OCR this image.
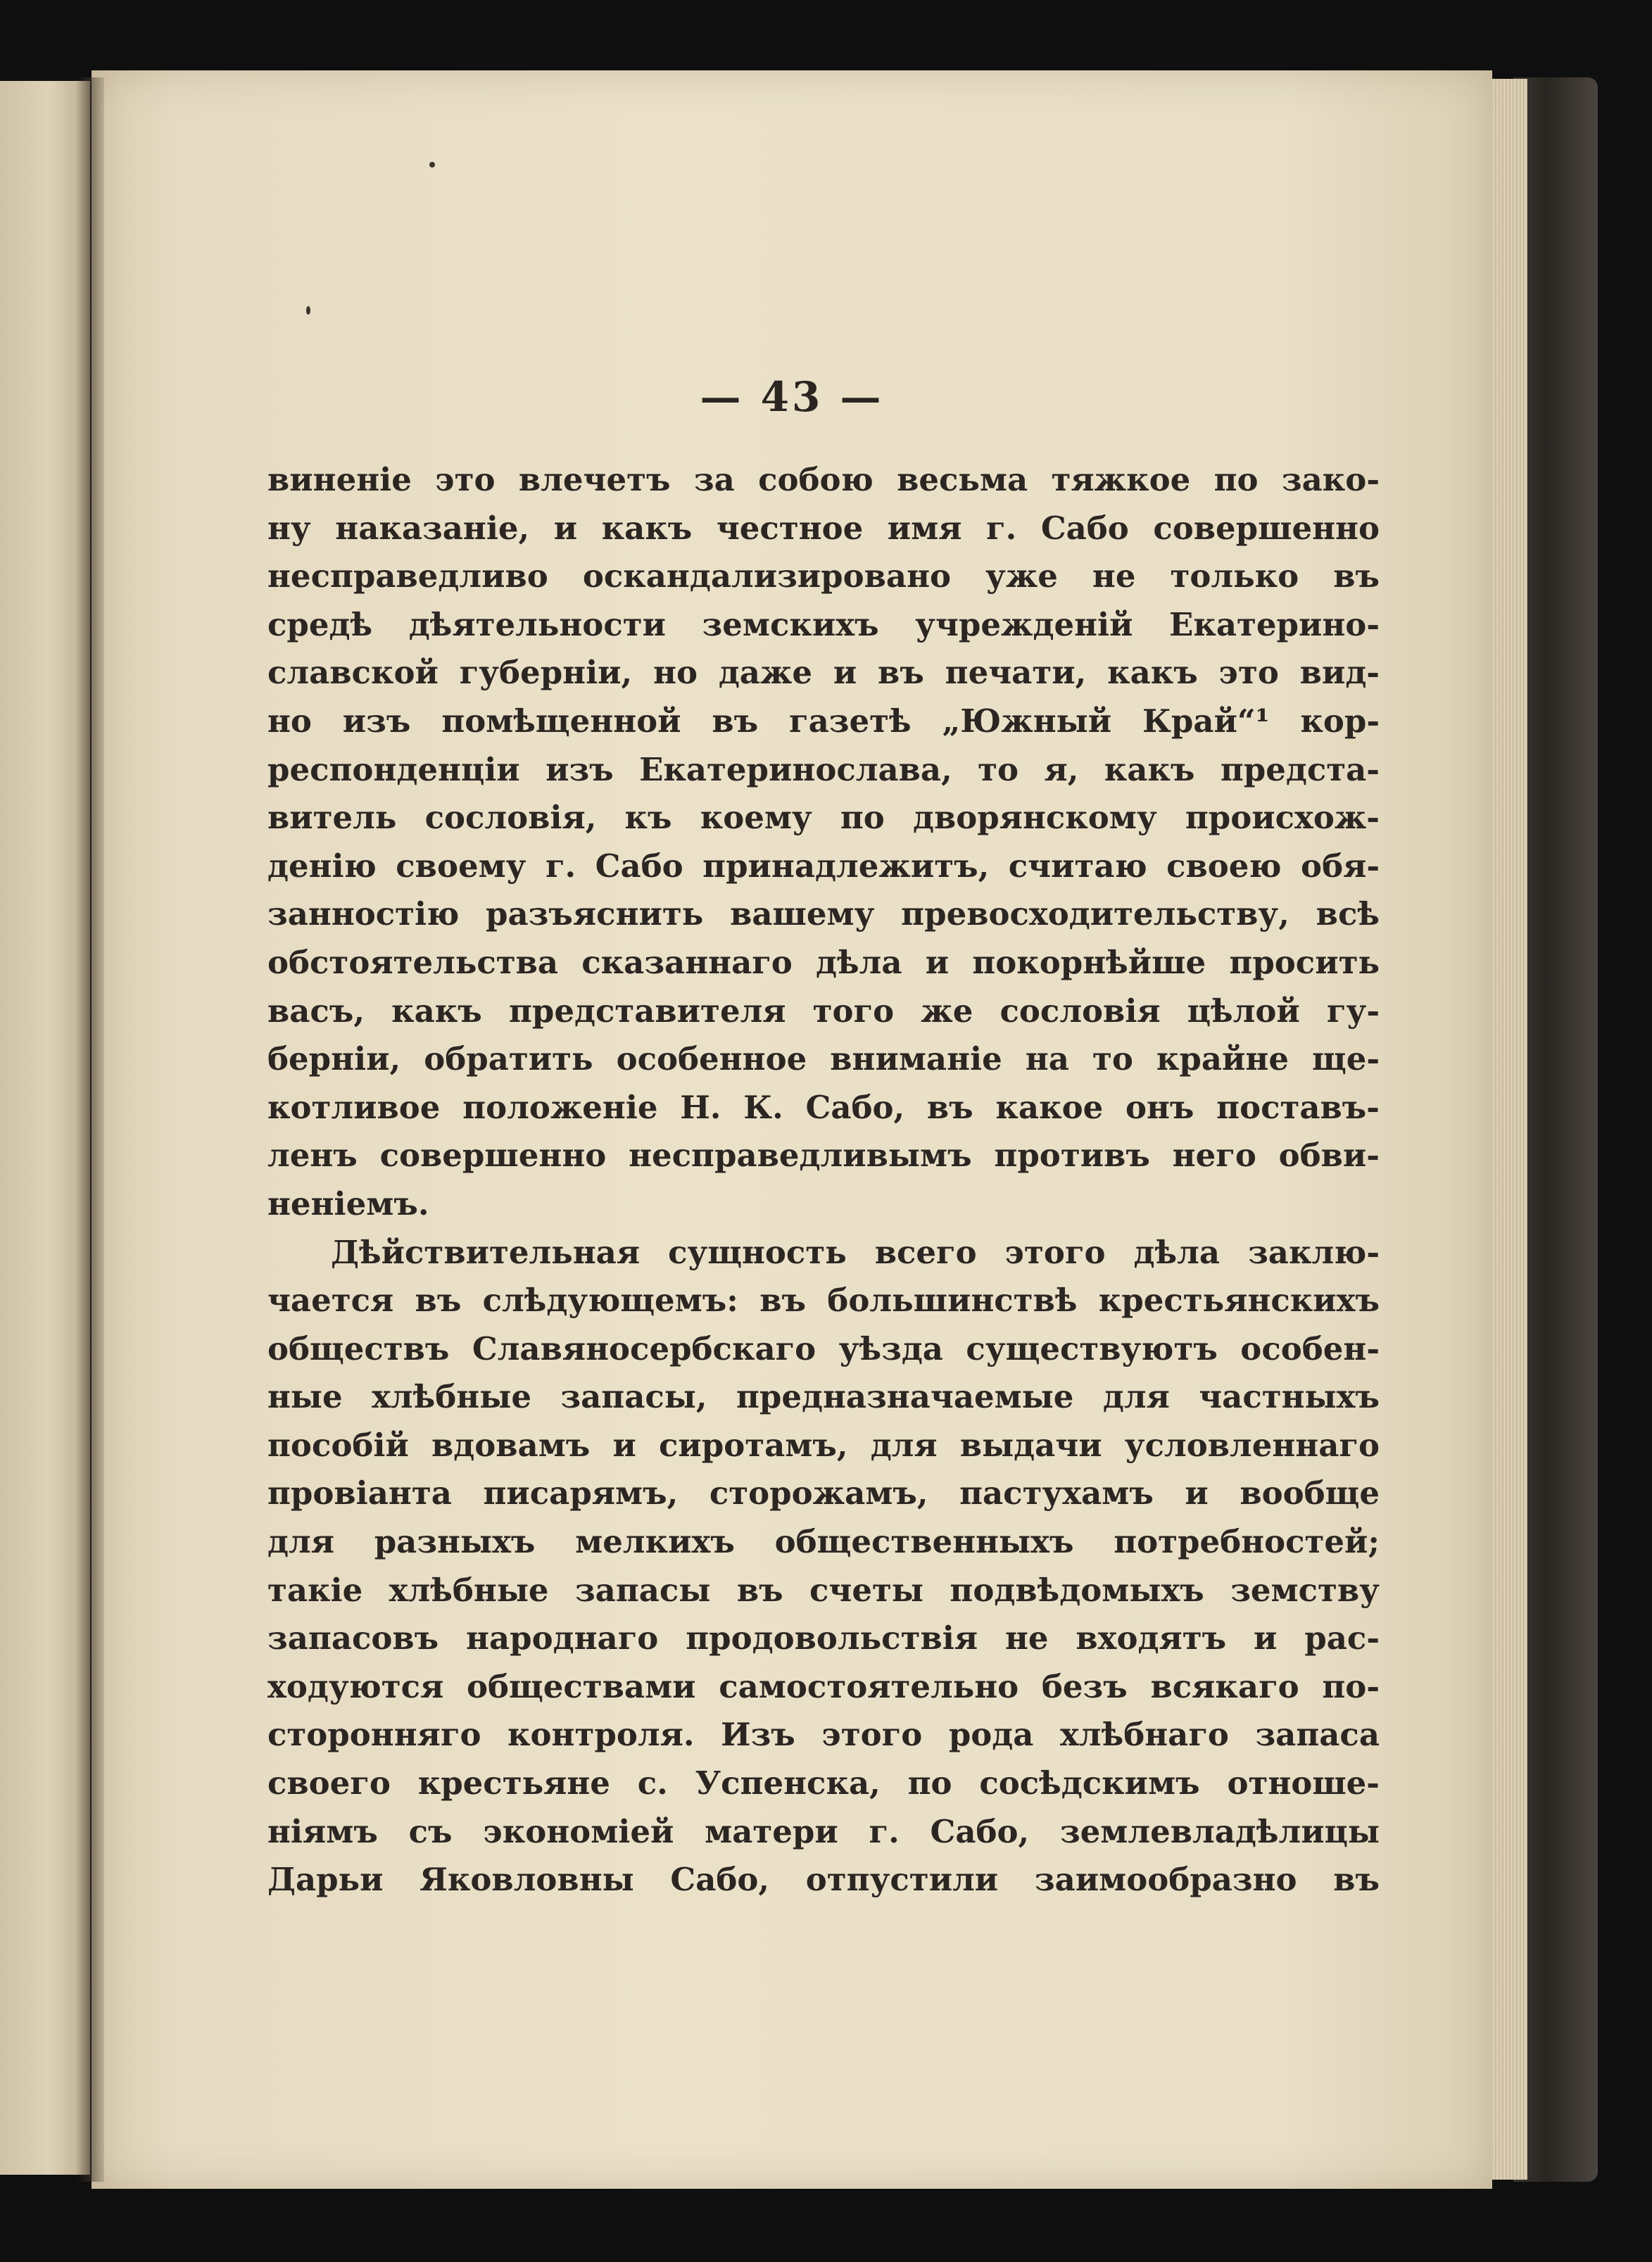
— 43 —
виненіе это влечетъ за собою весьма тяжкое по зако-
ну наказаніе, и какъ честное имя г. Сабо совершенно
несправедливо оскандализировано уже не только въ
средѣ дѣятельности земскихъ учрежденій Екатерино-
славской губерніи, но даже и въ печати, какъ это вид-
но изъ помѣщенной въ газетѣ „Южный Край“¹ кор-
респонденціи изъ Екатеринослава, то я, какъ предста-
витель сословія, къ коему по дворянскому происхож-
денію своему г. Сабо принадлежитъ, считаю своею обя-
занностію разъяснить вашему превосходительству, всѣ
обстоятельства сказаннаго дѣла и покорнѣйше просить
васъ, какъ представителя того же сословія цѣлой гу-
берніи, обратить особенное вниманіе на то крайне ще-
котливое положеніе Н. К. Сабо, въ какое онъ поставъ-
ленъ совершенно несправедливымъ противъ него обви-
неніемъ.
Дѣйствительная сущность всего этого дѣла заклю-
чается въ слѣдующемъ: въ большинствѣ крестьянскихъ
обществъ Славяносербскаго уѣзда существуютъ особен-
ные хлѣбные запасы, предназначаемые для частныхъ
пособій вдовамъ и сиротамъ, для выдачи условленнаго
провіанта писарямъ, сторожамъ, пастухамъ и вообще
для разныхъ мелкихъ общественныхъ потребностей;
такіе хлѣбные запасы въ счеты подвѣдомыхъ земству
запасовъ народнаго продовольствія не входятъ и рас-
ходуются обществами самостоятельно безъ всякаго по-
сторонняго контроля. Изъ этого рода хлѣбнаго запаса
своего крестьяне с. Успенска, по сосѣдскимъ отноше-
ніямъ съ экономіей матери г. Сабо, землевладѣлицы
Дарьи Яковловны Сабо, отпустили заимообразно въ
